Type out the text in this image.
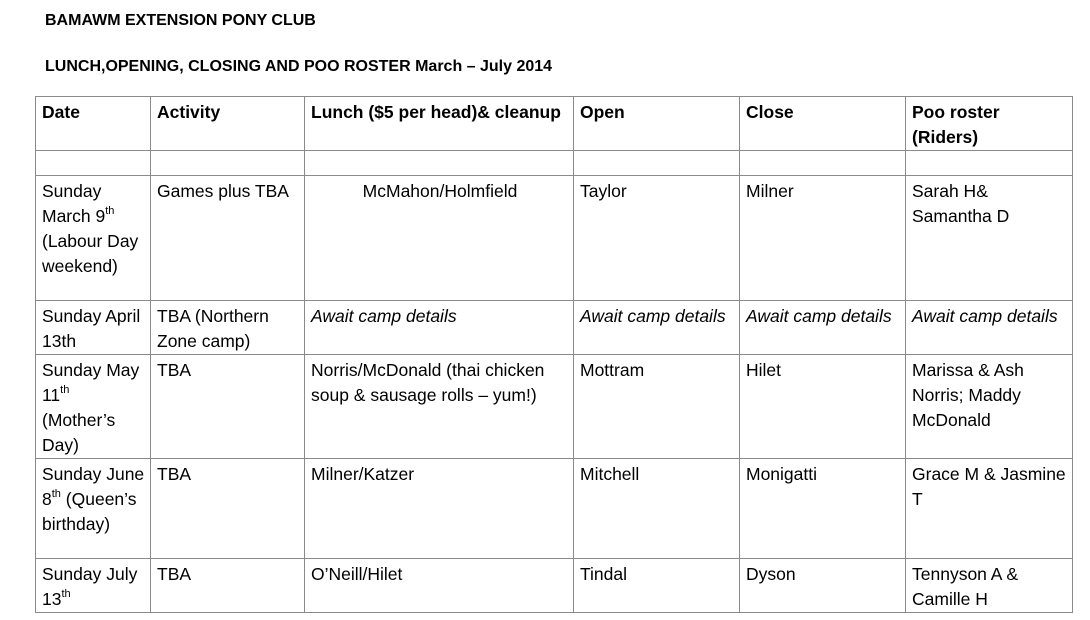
BAMAWM EXTENSION PONY CLUB
LUNCH,OPENING, CLOSING AND POO ROSTER March – July 2014
Date	Activity	Lunch ($5 per head)& cleanup	Open	Close	Poo roster (Riders)

Sunday March 9th (Labour Day weekend)	Games plus TBA	McMahon/Holmfield	Taylor	Milner	Sarah H& Samantha D
Sunday April 13th	TBA (Northern Zone camp)	Await camp details	Await camp details	Await camp details	Await camp details
Sunday May 11th (Mother’s Day)	TBA	Norris/McDonald (thai chicken soup & sausage rolls – yum!)	Mottram	Hilet	Marissa & Ash Norris; Maddy McDonald
Sunday June 8th (Queen’s birthday)	TBA	Milner/Katzer	Mitchell	Monigatti	Grace M & Jasmine T
Sunday July 13th	TBA	O’Neill/Hilet	Tindal	Dyson	Tennyson A & Camille H
